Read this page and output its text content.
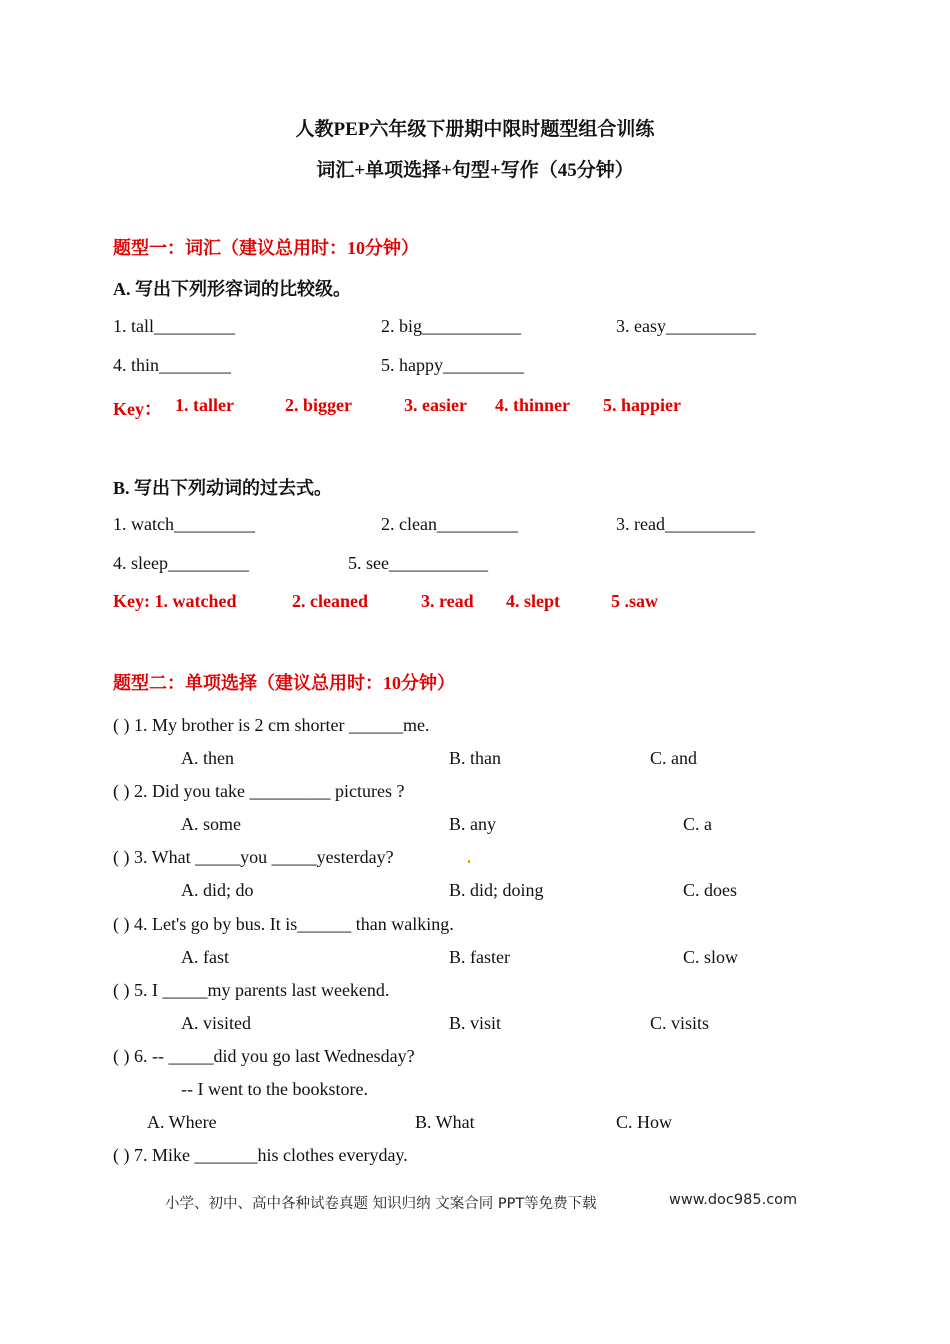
人教PEP六年级下册期中限时题型组合训练
词汇+单项选择+句型+写作（45分钟）
题型一：词汇（建议总用时：10分钟）
A. 写出下列形容词的比较级。
1. tall_________	2. big___________	3. easy__________
4. thin________	5. happy_________
Key： 1. taller	2. bigger	3. easier 4. thinner 5. happier
B. 写出下列动词的过去式。
1. watch_________	2. clean_________	3. read__________
4. sleep_________	5. see___________
Key: 1. watched	2. cleaned	3. read 4. slept	5 .saw
题型二：单项选择（建议总用时：10分钟）
( ) 1. My brother is 2 cm shorter ______me.
A. then	B. than	C. and
( ) 2. Did you take _________ pictures ?
A. some	B. any	C. a
( ) 3. What _____you _____yesterday?
A. did; do	B. did; doing	C. does
( ) 4. Let's go by bus. It is______ than walking.
A. fast	B. faster	C. slow
( ) 5. I _____my parents last weekend.
A. visited	B. visit	C. visits
( ) 6. -- _____did you go last Wednesday?
-- I went to the bookstore.
A. Where	B. What	C. How
( ) 7. Mike _______his clothes everyday.
小学、初中、高中各种试卷真题 知识归纳 文案合同 PPT等免费下载	www.doc985.com
